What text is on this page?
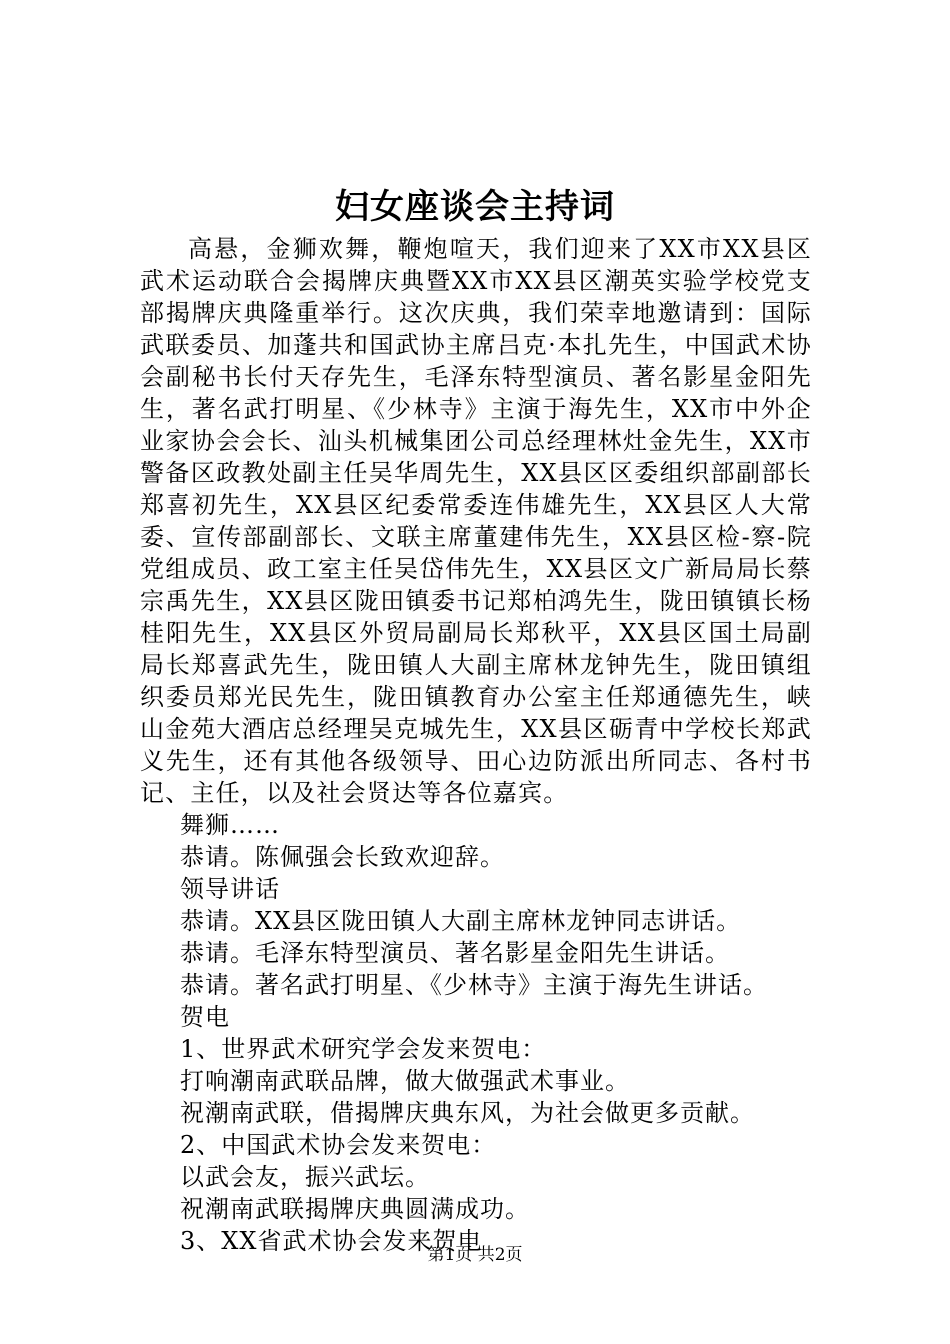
妇女座谈会主持词

高悬，金狮欢舞，鞭炮喧天，我们迎来了XX市XX县区武术运动联合会揭牌庆典暨XX市XX县区潮英实验学校党支部揭牌庆典隆重举行。这次庆典，我们荣幸地邀请到：国际武联委员、加蓬共和国武协主席吕克·本扎先生，中国武术协会副秘书长付天存先生，毛泽东特型演员、著名影星金阳先生，著名武打明星、《少林寺》主演于海先生，XX市中外企业家协会会长、汕头机械集团公司总经理林灶金先生，XX市警备区政教处副主任吴华周先生，XX县区区委组织部副部长郑喜初先生，XX县区纪委常委连伟雄先生，XX县区人大常委、宣传部副部长、文联主席董建伟先生，XX县区检-察-院党组成员、政工室主任吴岱伟先生，XX县区文广新局局长蔡宗禹先生，XX县区陇田镇委书记郑柏鸿先生，陇田镇镇长杨桂阳先生，XX县区外贸局副局长郑秋平，XX县区国土局副局长郑喜武先生，陇田镇人大副主席林龙钟先生，陇田镇组织委员郑光民先生，陇田镇教育办公室主任郑通德先生，峡山金苑大酒店总经理吴克城先生，XX县区砺青中学校长郑武义先生，还有其他各级领导、田心边防派出所同志、各村书记、主任，以及社会贤达等各位嘉宾。

舞狮……

恭请。陈佩强会长致欢迎辞。

领导讲话

恭请。XX县区陇田镇人大副主席林龙钟同志讲话。

恭请。毛泽东特型演员、著名影星金阳先生讲话。

恭请。著名武打明星、《少林寺》主演于海先生讲话。

贺电

1、世界武术研究学会发来贺电：

打响潮南武联品牌，做大做强武术事业。

祝潮南武联，借揭牌庆典东风，为社会做更多贡献。

2、中国武术协会发来贺电：

以武会友，振兴武坛。

祝潮南武联揭牌庆典圆满成功。

3、XX省武术协会发来贺电

第1页 共2页
